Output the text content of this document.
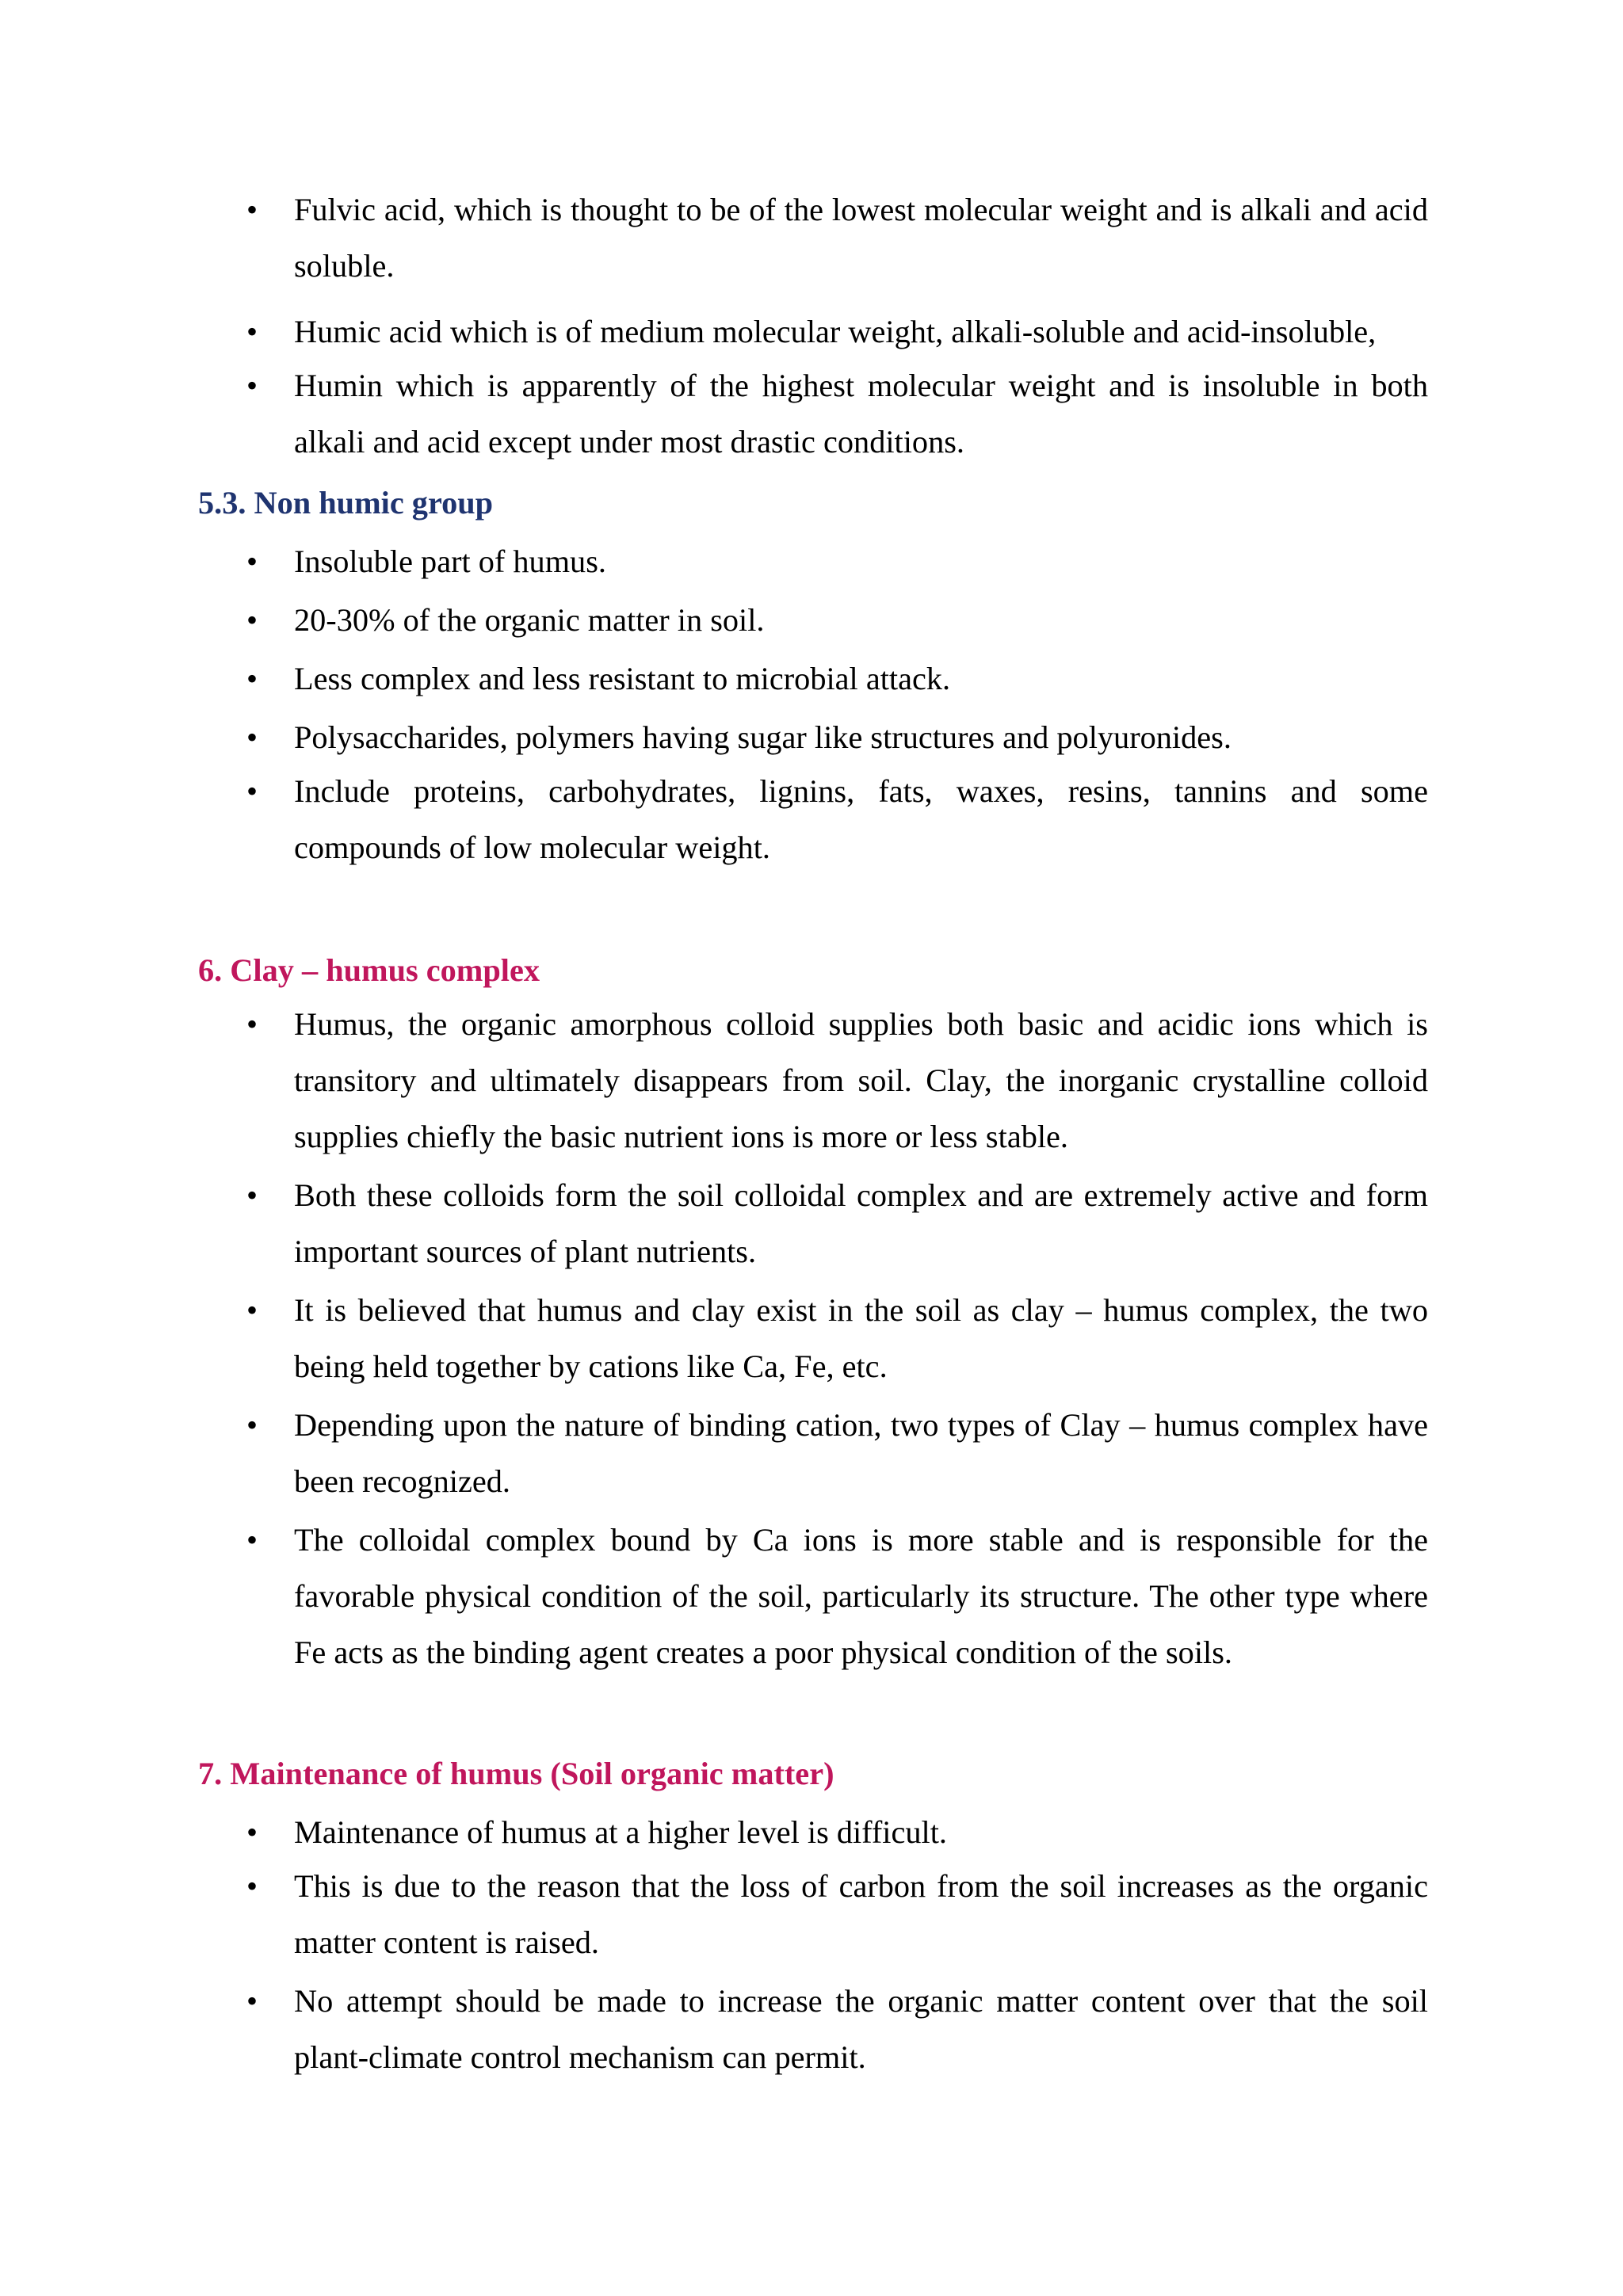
• Fulvic acid, which is thought to be of the lowest molecular weight and is alkali and acid soluble.
• Humic acid which is of medium molecular weight, alkali-soluble and acid-insoluble,
• Humin which is apparently of the highest molecular weight and is insoluble in both alkali and acid except under most drastic conditions.
5.3. Non humic group
• Insoluble part of humus.
• 20-30% of the organic matter in soil.
• Less complex and less resistant to microbial attack.
• Polysaccharides, polymers having sugar like structures and polyuronides.
• Include proteins, carbohydrates, lignins, fats, waxes, resins, tannins and some compounds of low molecular weight.
6. Clay – humus complex
• Humus, the organic amorphous colloid supplies both basic and acidic ions which is transitory and ultimately disappears from soil. Clay, the inorganic crystalline colloid supplies chiefly the basic nutrient ions is more or less stable.
• Both these colloids form the soil colloidal complex and are extremely active and form important sources of plant nutrients.
• It is believed that humus and clay exist in the soil as clay – humus complex, the two being held together by cations like Ca, Fe, etc.
• Depending upon the nature of binding cation, two types of Clay – humus complex have been recognized.
• The colloidal complex bound by Ca ions is more stable and is responsible for the favorable physical condition of the soil, particularly its structure. The other type where Fe acts as the binding agent creates a poor physical condition of the soils.
7. Maintenance of humus (Soil organic matter)
• Maintenance of humus at a higher level is difficult.
• This is due to the reason that the loss of carbon from the soil increases as the organic matter content is raised.
• No attempt should be made to increase the organic matter content over that the soil plant-climate control mechanism can permit.
